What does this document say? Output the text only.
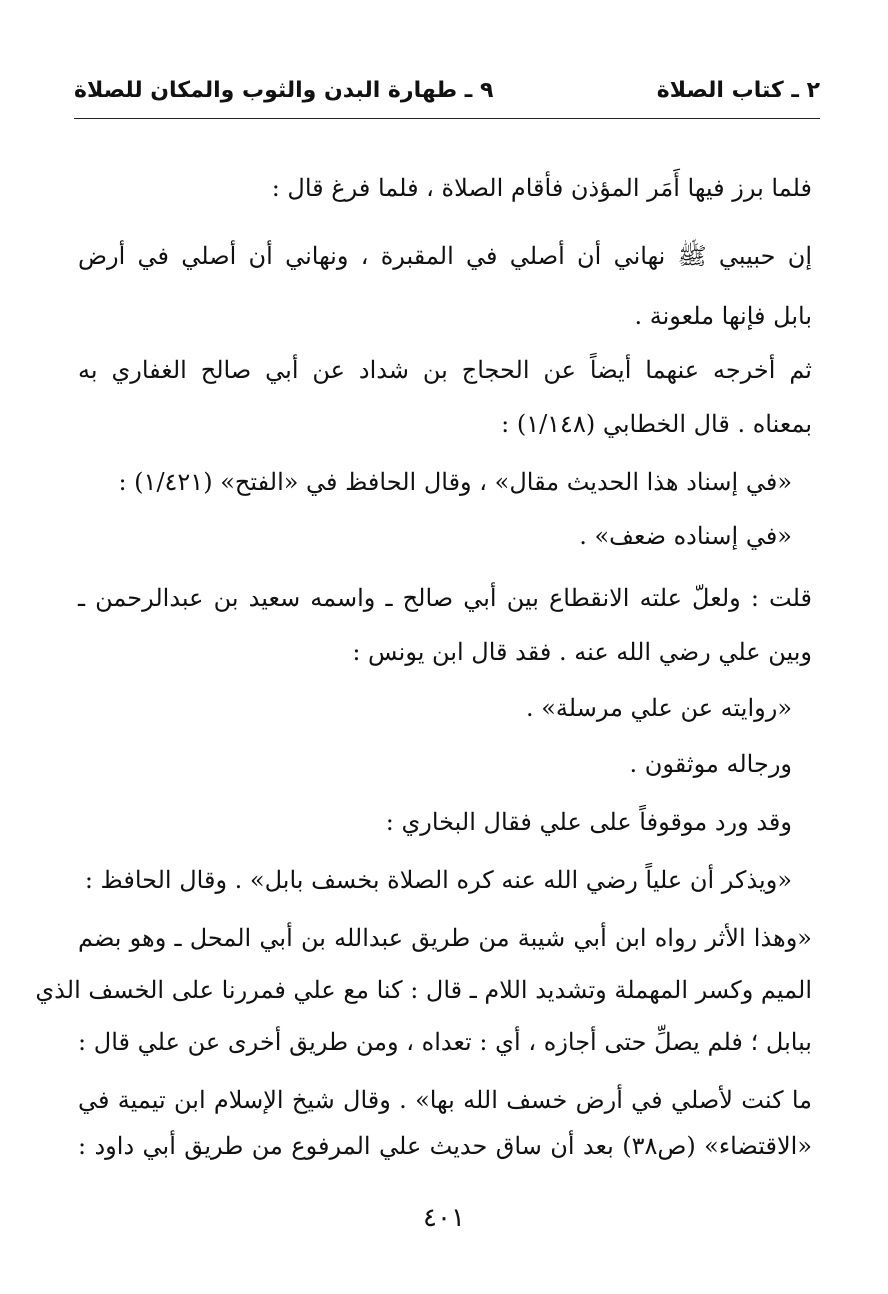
٢ ـ كتاب الصلاة
٩ ـ طهارة البدن والثوب والمكان للصلاة
فلما برز فيها أَمَر المؤذن فأقام الصلاة ، فلما فرغ قال :
إن حبيبي ﷺ نهاني أن أصلي في المقبرة ، ونهاني أن أصلي في أرض
بابل فإنها ملعونة .
ثم أخرجه عنهما أيضاً عن الحجاج بن شداد عن أبي صالح الغفاري به
بمعناه . قال الخطابي (١/١٤٨) :
«في إسناد هذا الحديث مقال» ، وقال الحافظ في «الفتح» (١/٤٢١) :
«في إسناده ضعف» .
قلت : ولعلّ علته الانقطاع بين أبي صالح ـ واسمه سعيد بن عبدالرحمن ـ
وبين علي رضي الله عنه . فقد قال ابن يونس :
«روايته عن علي مرسلة» .
ورجاله موثقون .
وقد ورد موقوفاً على علي فقال البخاري :
«ويذكر أن علياً رضي الله عنه كره الصلاة بخسف بابل» . وقال الحافظ :
«وهذا الأثر رواه ابن أبي شيبة من طريق عبدالله بن أبي المحل ـ وهو بضم
الميم وكسر المهملة وتشديد اللام ـ قال : كنا مع علي فمررنا على الخسف الذي
ببابل ؛ فلم يصلِّ حتى أجازه ، أي : تعداه ، ومن طريق أخرى عن علي قال :
ما كنت لأصلي في أرض خسف الله بها» . وقال شيخ الإسلام ابن تيمية في
«الاقتضاء» (ص٣٨) بعد أن ساق حديث علي المرفوع من طريق أبي داود :
٤٠١
